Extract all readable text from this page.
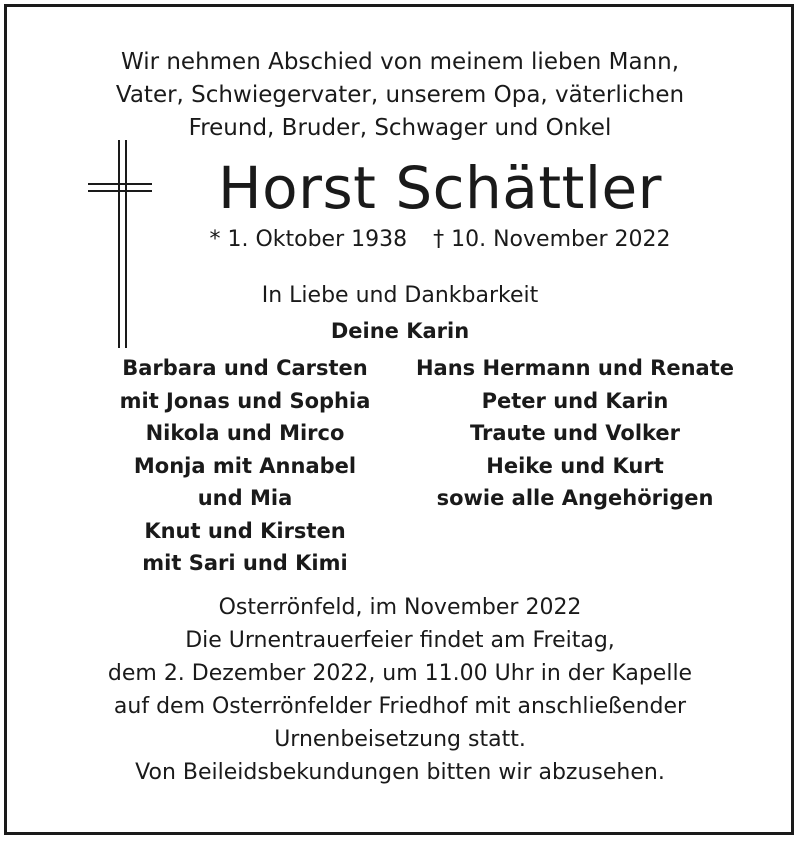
Wir nehmen Abschied von meinem lieben Mann,
Vater, Schwiegervater, unserem Opa, väterlichen
Freund, Bruder, Schwager und Onkel

Horst Schättler
* 1. Oktober 1938 † 10. November 2022
In Liebe und Dankbarkeit
Deine Karin
Barbara und Carsten
mit Jonas und Sophia
Nikola und Mirco
Monja mit Annabel
und Mia
Knut und Kirsten
mit Sari und Kimi
Hans Hermann und Renate
Peter und Karin
Traute und Volker
Heike und Kurt
sowie alle Angehörigen
Osterrönfeld, im November 2022
Die Urnentrauerfeier findet am Freitag,
dem 2. Dezember 2022, um 11.00 Uhr in der Kapelle
auf dem Osterrönfelder Friedhof mit anschließender
Urnenbeisetzung statt.
Von Beileidsbekundungen bitten wir abzusehen.
